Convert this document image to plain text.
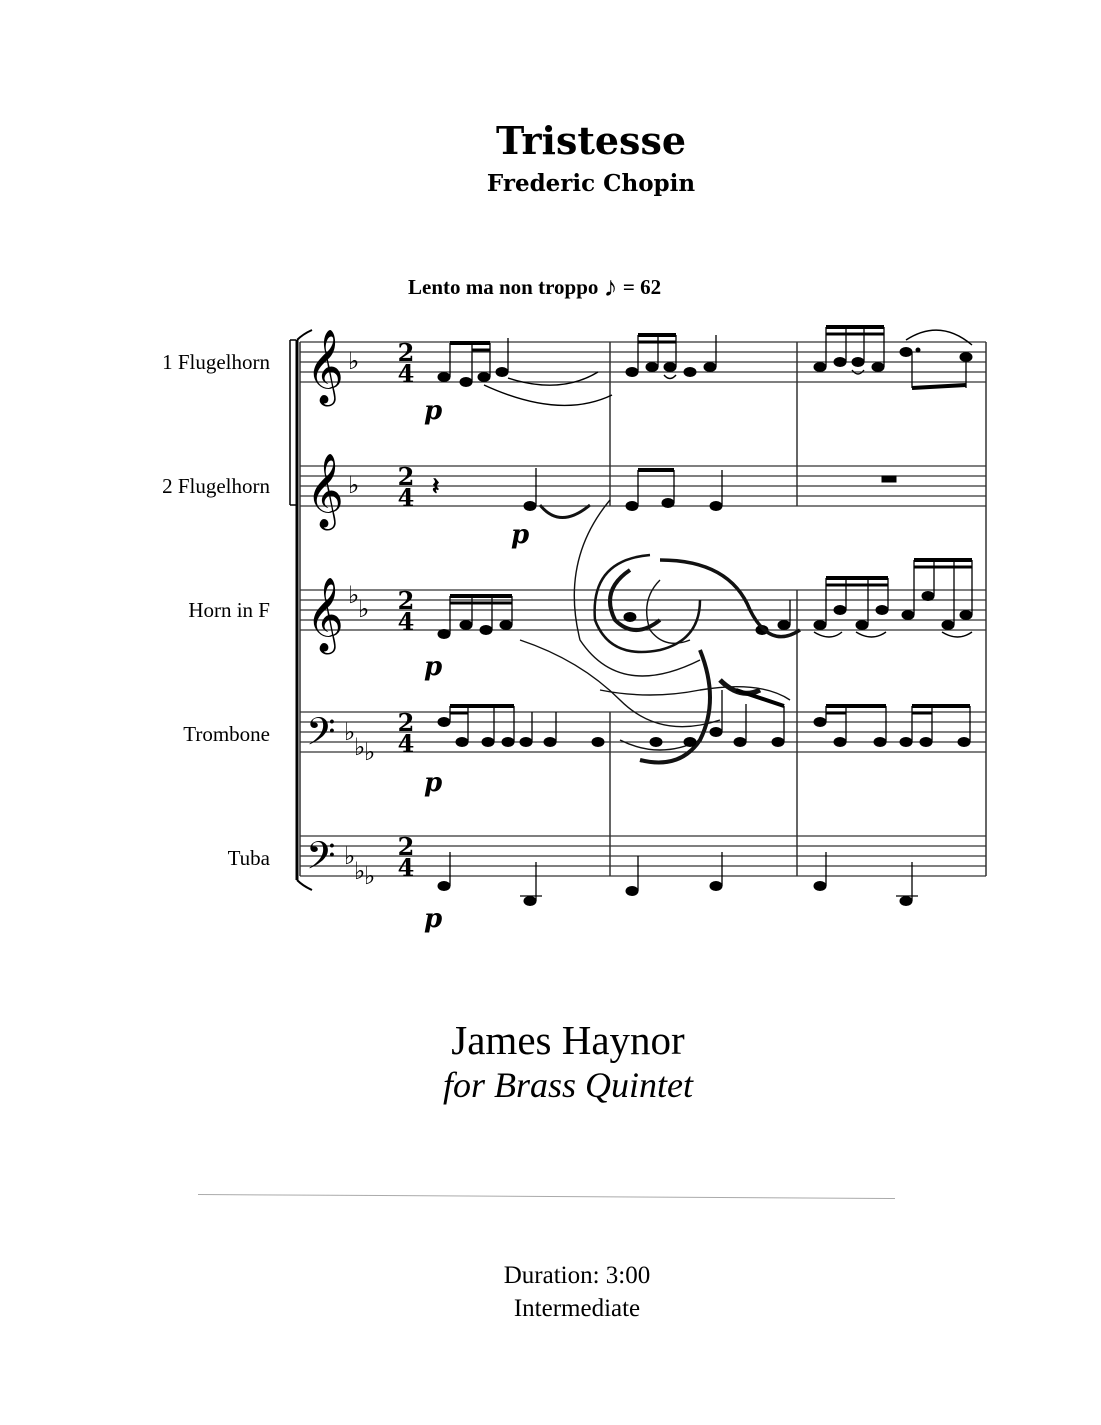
Tristesse
Frederic Chopin
Lento ma non troppo ♪ = 62
1 Flugelhorn
2 Flugelhorn
Horn in F
Trombone
Tuba
p
p
p
p
p
𝄞
𝄞
𝄞
𝄢
𝄢
♭
♭
♭
♭
♭
♭
♭
♭
♭
♭
2
4
2
4
2
4
2
4
2
4
𝄽
James Haynor
for Brass Quintet
Duration: 3:00
Intermediate
